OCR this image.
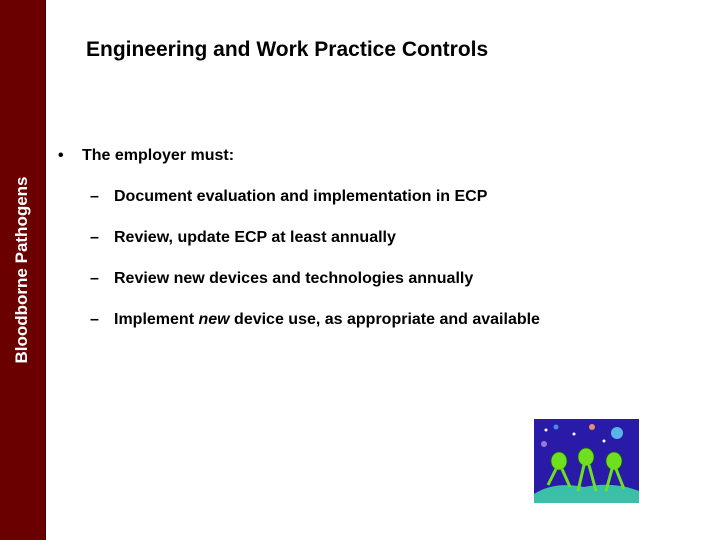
Bloodborne Pathogens
Engineering and Work Practice Controls
• The employer must:
– Document evaluation and implementation in ECP
– Review, update ECP at least annually
– Review new devices and technologies annually
– Implement new device use, as appropriate and available
